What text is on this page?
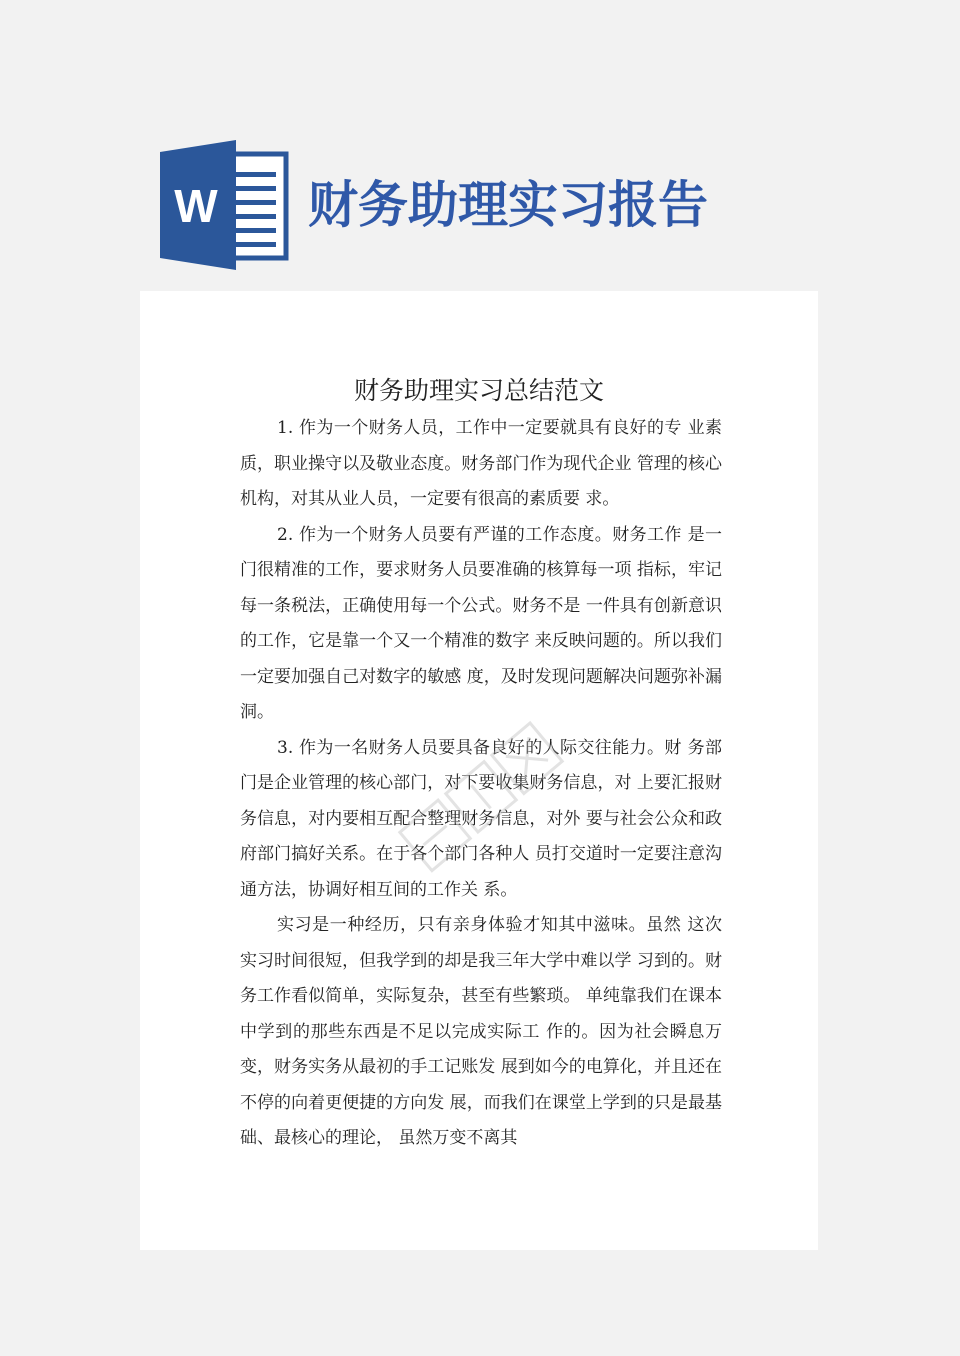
W 财务助理实习报告
财务助理实习总结范文

1. 作为一个财务人员，工作中一定要就具有良好的专 业素质，职业操守以及敬业态度。财务部门作为现代企业 管理的核心机构，对其从业人员，一定要有很高的素质要 求。

2. 作为一个财务人员要有严谨的工作态度。财务工作 是一门很精准的工作，要求财务人员要准确的核算每一项 指标，牢记每一条税法，正确使用每一个公式。财务不是 一件具有创新意识的工作，它是靠一个又一个精准的数字 来反映问题的。所以我们一定要加强自己对数字的敏感 度，及时发现问题解决问题弥补漏洞。

3. 作为一名财务人员要具备良好的人际交往能力。财 务部门是企业管理的核心部门，对下要收集财务信息，对 上要汇报财务信息，对内要相互配合整理财务信息，对外 要与社会公众和政府部门搞好关系。在于各个部门各种人 员打交道时一定要注意沟通方法，协调好相互间的工作关 系。

实习是一种经历，只有亲身体验才知其中滋味。虽然 这次实习时间很短，但我学到的却是我三年大学中难以学 习到的。财务工作看似简单，实际复杂，甚至有些繁琐。 单纯靠我们在课本中学到的那些东西是不足以完成实际工 作的。因为社会瞬息万变，财务实务从最初的手工记账发 展到如今的电算化，并且还在不停的向着更便捷的方向发 展，而我们在课堂上学到的只是最基础、最核心的理论， 虽然万变不离其
